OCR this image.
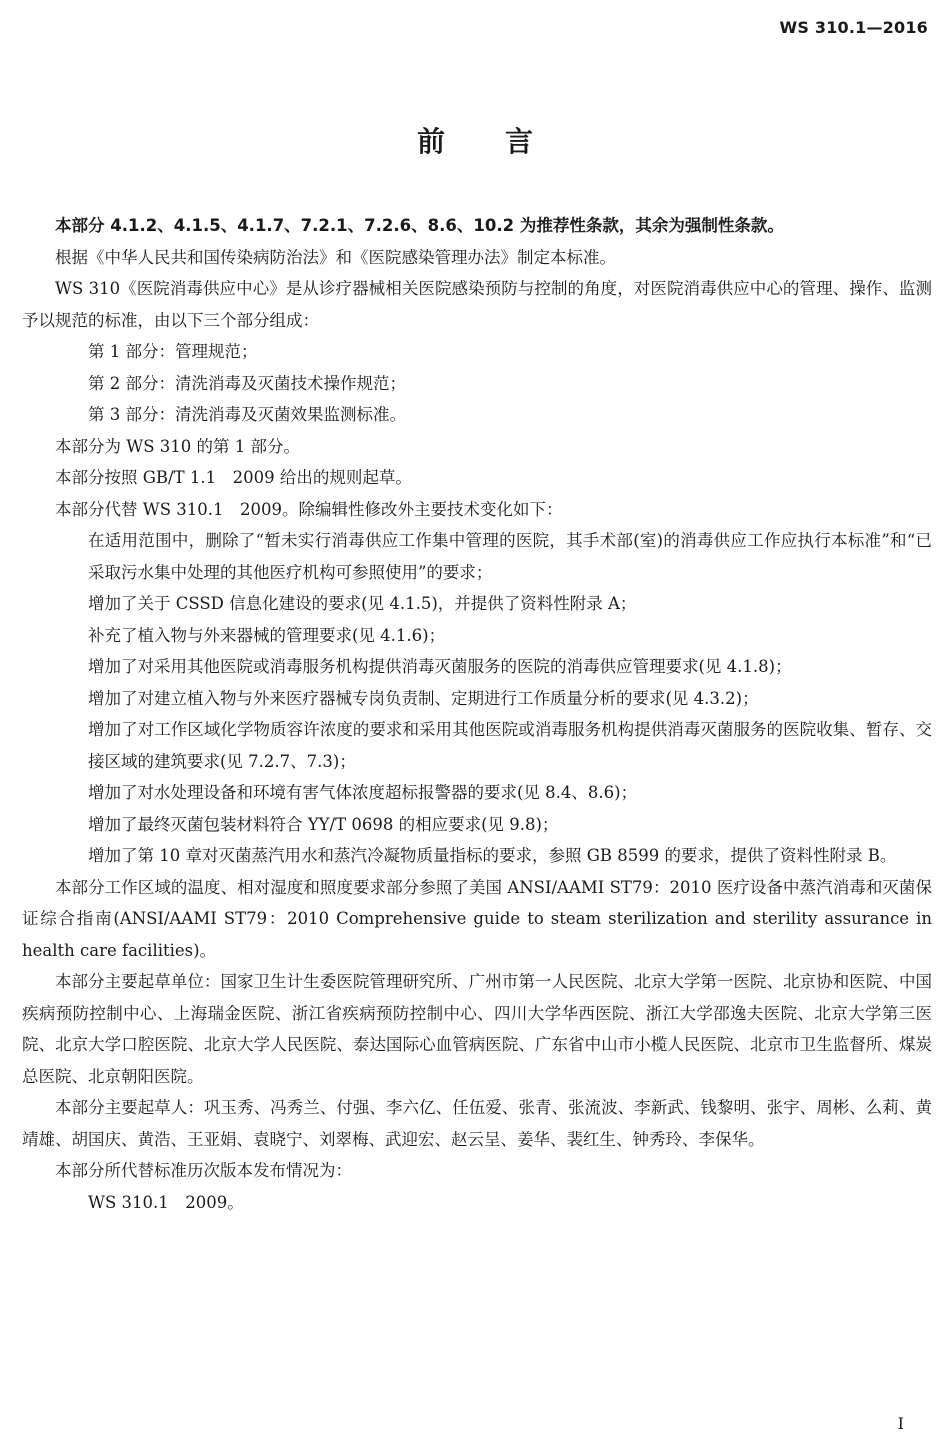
WS 310.1—2016
前言

本部分 4.1.2、4.1.5、4.1.7、7.2.1、7.2.6、8.6、10.2 为推荐性条款，其余为强制性条款。

根据《中华人民共和国传染病防治法》和《医院感染管理办法》制定本标准。

WS 310《医院消毒供应中心》是从诊疗器械相关医院感染预防与控制的角度，对医院消毒供应中心的管理、操作、监测予以规范的标准，由以下三个部分组成：

第 1 部分：管理规范；

第 2 部分：清洗消毒及灭菌技术操作规范；

第 3 部分：清洗消毒及灭菌效果监测标准。

本部分为 WS 310 的第 1 部分。

本部分按照 GB/T 1.1　2009 给出的规则起草。

本部分代替 WS 310.1　2009。除编辑性修改外主要技术变化如下：

在适用范围中，删除了“暂未实行消毒供应工作集中管理的医院，其手术部(室)的消毒供应工作应执行本标准”和“已采取污水集中处理的其他医疗机构可参照使用”的要求；

增加了关于 CSSD 信息化建设的要求(见 4.1.5)，并提供了资料性附录 A；

补充了植入物与外来器械的管理要求(见 4.1.6)；

增加了对采用其他医院或消毒服务机构提供消毒灭菌服务的医院的消毒供应管理要求(见 4.1.8)；

增加了对建立植入物与外来医疗器械专岗负责制、定期进行工作质量分析的要求(见 4.3.2)；

增加了对工作区域化学物质容许浓度的要求和采用其他医院或消毒服务机构提供消毒灭菌服务的医院收集、暂存、交接区域的建筑要求(见 7.2.7、7.3)；

增加了对水处理设备和环境有害气体浓度超标报警器的要求(见 8.4、8.6)；

增加了最终灭菌包装材料符合 YY/T 0698 的相应要求(见 9.8)；

增加了第 10 章对灭菌蒸汽用水和蒸汽冷凝物质量指标的要求，参照 GB 8599 的要求，提供了资料性附录 B。

本部分工作区域的温度、相对湿度和照度要求部分参照了美国 ANSI/AAMI ST79：2010 医疗设备中蒸汽消毒和灭菌保证综合指南(ANSI/AAMI ST79：2010 Comprehensive guide to steam sterilization and sterility assurance in health care facilities)。

本部分主要起草单位：国家卫生计生委医院管理研究所、广州市第一人民医院、北京大学第一医院、北京协和医院、中国疾病预防控制中心、上海瑞金医院、浙江省疾病预防控制中心、四川大学华西医院、浙江大学邵逸夫医院、北京大学第三医院、北京大学口腔医院、北京大学人民医院、泰达国际心血管病医院、广东省中山市小榄人民医院、北京市卫生监督所、煤炭总医院、北京朝阳医院。

本部分主要起草人：巩玉秀、冯秀兰、付强、李六亿、任伍爱、张青、张流波、李新武、钱黎明、张宇、周彬、么莉、黄靖雄、胡国庆、黄浩、王亚娟、袁晓宁、刘翠梅、武迎宏、赵云呈、姜华、裴红生、钟秀玲、李保华。

本部分所代替标准历次版本发布情况为：

WS 310.1　2009。

I
